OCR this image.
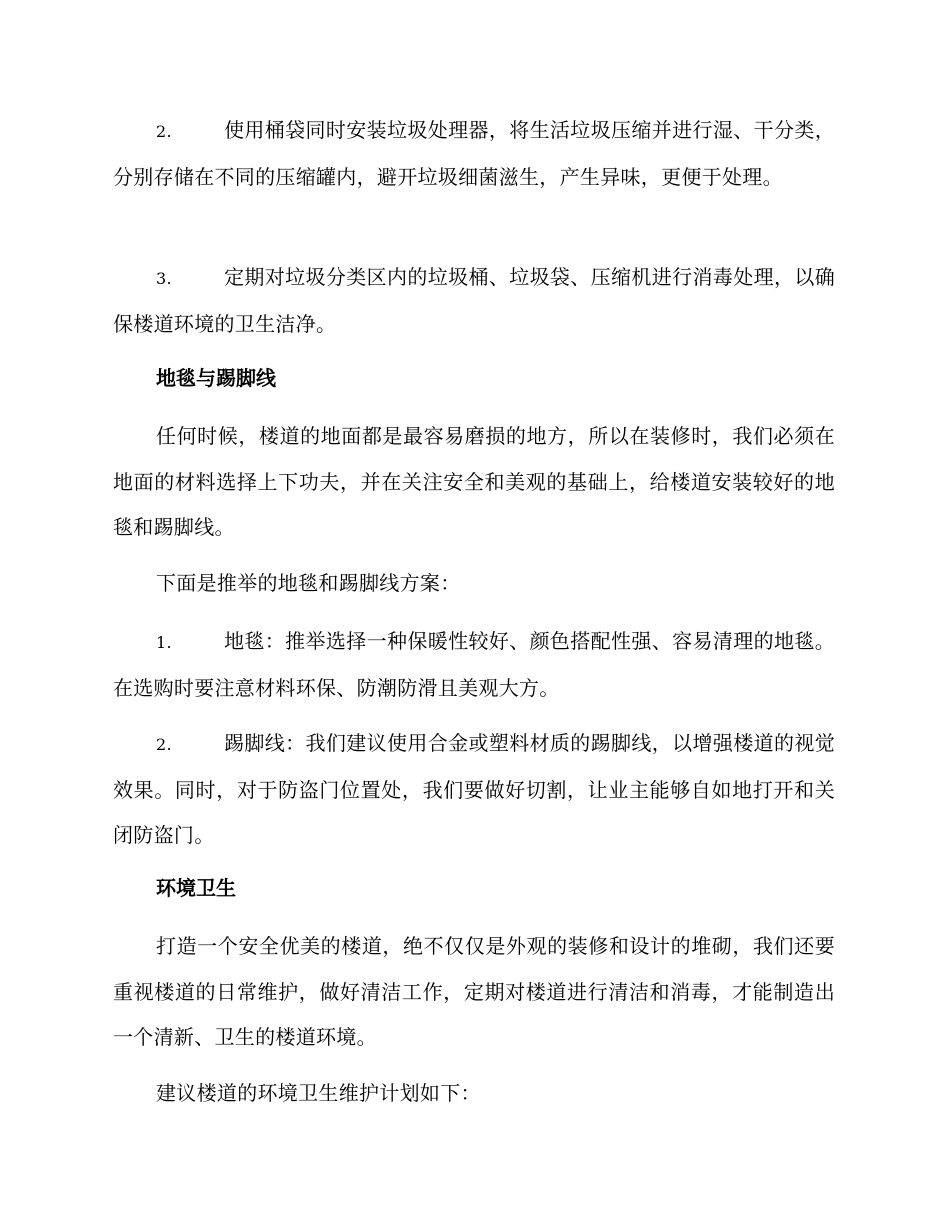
2.	使用桶袋同时安装垃圾处理器，将生活垃圾压缩并进行湿、干分类，分别存储在不同的压缩罐内，避开垃圾细菌滋生，产生异味，更便于处理。
3.	定期对垃圾分类区内的垃圾桶、垃圾袋、压缩机进行消毒处理，以确保楼道环境的卫生洁净。
地毯与踢脚线
任何时候，楼道的地面都是最容易磨损的地方，所以在装修时，我们必须在地面的材料选择上下功夫，并在关注安全和美观的基础上，给楼道安装较好的地毯和踢脚线。
下面是推举的地毯和踢脚线方案：
1.	地毯：推举选择一种保暖性较好、颜色搭配性强、容易清理的地毯。在选购时要注意材料环保、防潮防滑且美观大方。
2.	踢脚线：我们建议使用合金或塑料材质的踢脚线，以增强楼道的视觉效果。同时，对于防盗门位置处，我们要做好切割，让业主能够自如地打开和关闭防盗门。
环境卫生
打造一个安全优美的楼道，绝不仅仅是外观的装修和设计的堆砌，我们还要重视楼道的日常维护，做好清洁工作，定期对楼道进行清洁和消毒，才能制造出一个清新、卫生的楼道环境。
建议楼道的环境卫生维护计划如下：
